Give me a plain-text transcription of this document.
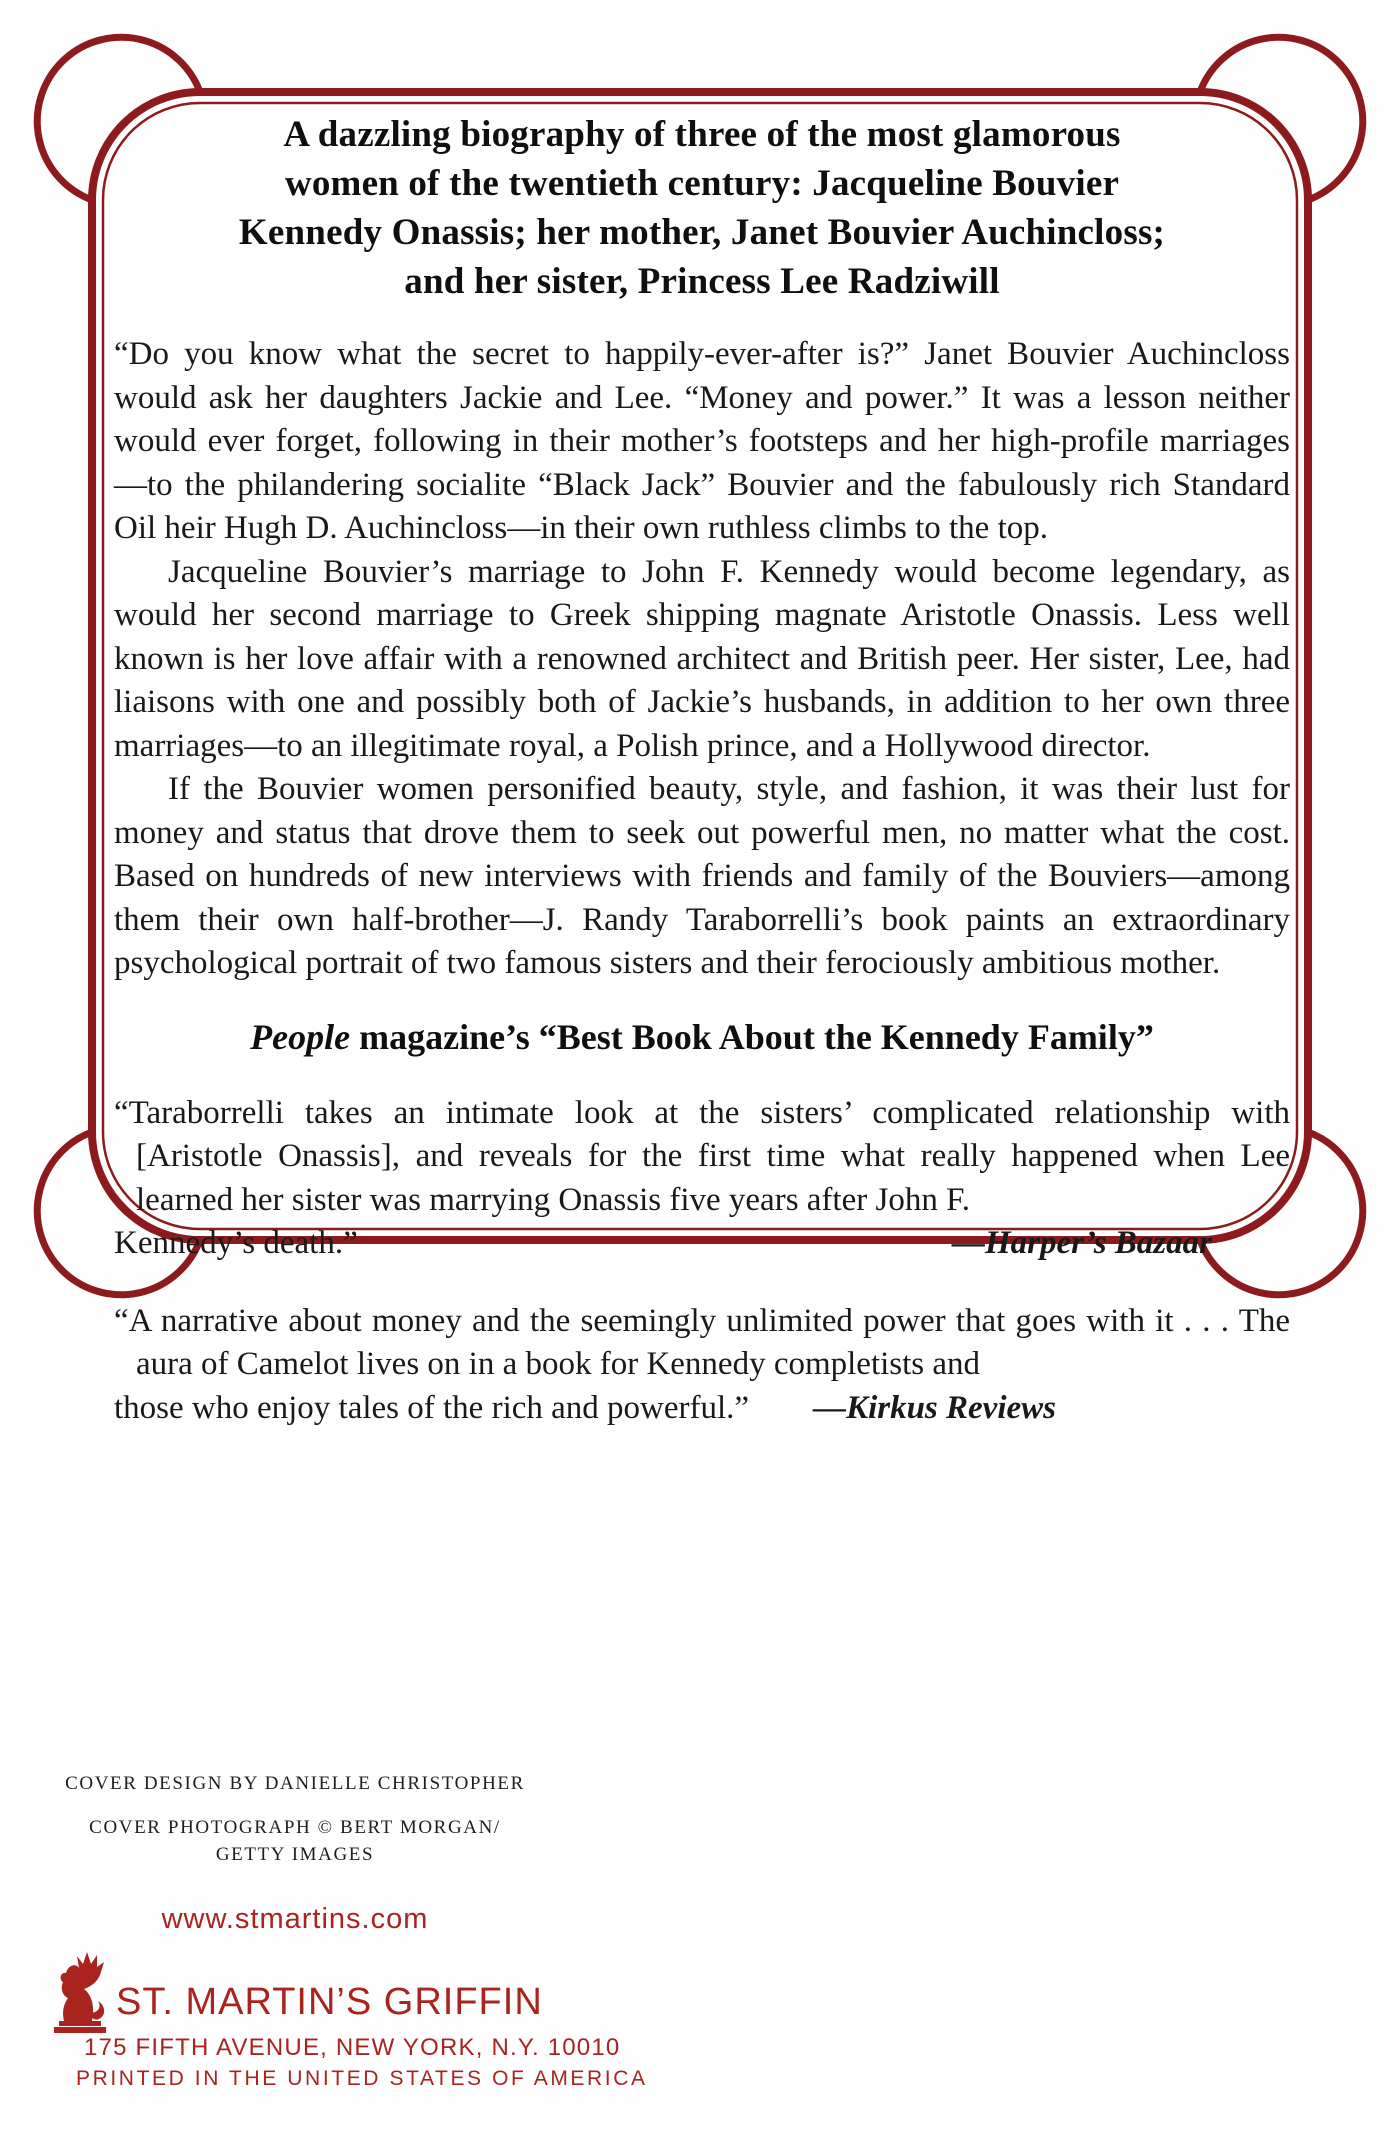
A dazzling biography of three of the most glamorous
women of the twentieth century: Jacqueline Bouvier
Kennedy Onassis; her mother, Janet Bouvier Auchincloss;
and her sister, Princess Lee Radziwill

“Do you know what the secret to happily-ever-after is?” Janet Bouvier Auchincloss would ask her daughters Jackie and Lee. “Money and power.” It was a lesson neither would ever forget, following in their mother’s footsteps and her high-profile marriages—to the philandering socialite “Black Jack” Bouvier and the fabulously rich Standard Oil heir Hugh D. Auchincloss—in their own ruthless climbs to the top.

Jacqueline Bouvier’s marriage to John F. Kennedy would become legendary, as would her second marriage to Greek shipping magnate Aristotle Onassis. Less well known is her love affair with a renowned architect and British peer. Her sister, Lee, had liaisons with one and possibly both of Jackie’s husbands, in addition to her own three marriages—to an illegitimate royal, a Polish prince, and a Hollywood director.

If the Bouvier women personified beauty, style, and fashion, it was their lust for money and status that drove them to seek out powerful men, no matter what the cost. Based on hundreds of new interviews with friends and family of the Bouviers—among them their own half-brother—J. Randy Taraborrelli’s book paints an extraordinary psychological portrait of two famous sisters and their ferociously ambitious mother.

People magazine’s “Best Book About the Kennedy Family”
“Taraborrelli takes an intimate look at the sisters’ complicated relationship with [Aristotle Onassis], and reveals for the first time what really happened when Lee learned her sister was marrying Onassis five years after John F.
Kennedy’s death.”	—Harper’s Bazaar
“A narrative about money and the seemingly unlimited power that goes with it . . . The aura of Camelot lives on in a book for Kennedy completists and
those who enjoy tales of the rich and powerful.” —Kirkus Reviews
COVER DESIGN BY DANIELLE CHRISTOPHER
COVER PHOTOGRAPH © BERT MORGAN/
GETTY IMAGES
www.stmartins.com
ST. MARTIN’S GRIFFIN
175 FIFTH AVENUE, NEW YORK, N.Y. 10010
PRINTED IN THE UNITED STATES OF AMERICA
